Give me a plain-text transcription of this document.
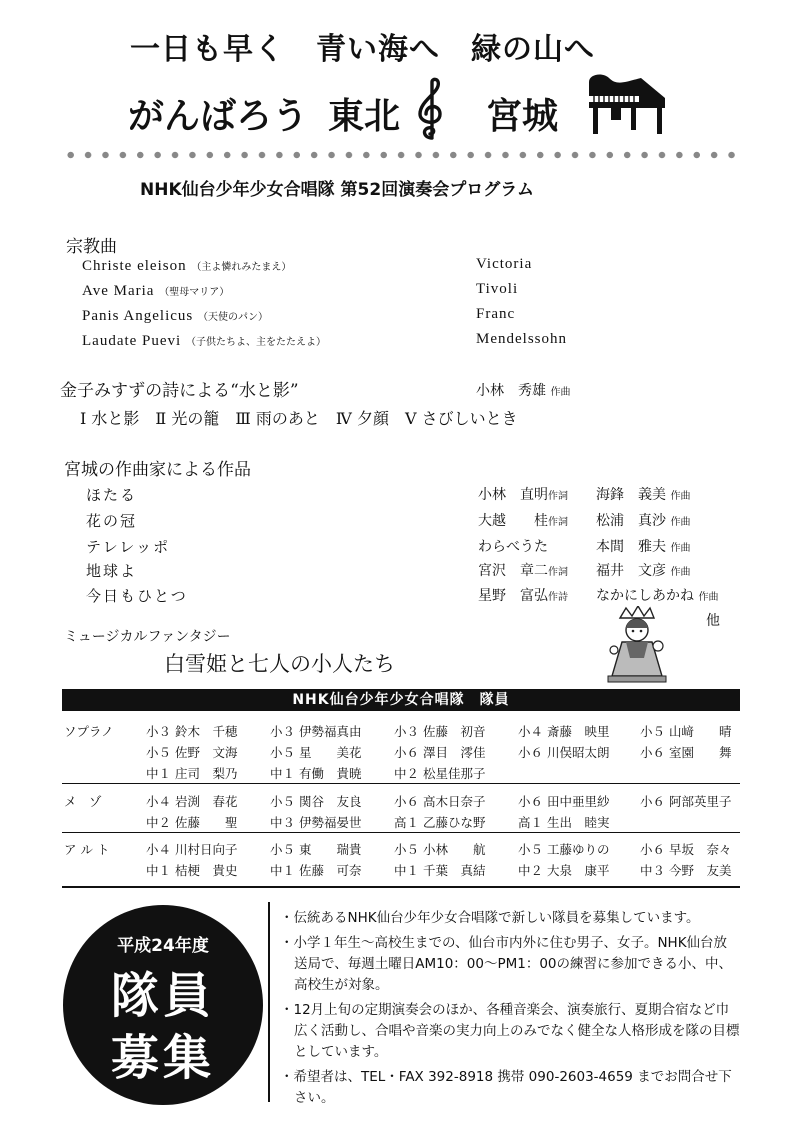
一日も早く　青い海へ　緑の山へ
がんばろう 東北 宮城
NHK仙台少年少女合唱隊 第52回演奏会プログラム
宗教曲
Christe eleison （主よ憐れみたまえ）	Victoria
Ave Maria （聖母マリア）	Tivoli
Panis Angelicus （天使のパン）	Franc
Laudate Puevi （子供たちよ、主をたたえよ）	Mendelssohn
金子みすずの詩による“水と影”	小林　秀雄 作曲
Ⅰ 水と影　Ⅱ 光の籠　Ⅲ 雨のあと　Ⅳ 夕顔　Ⅴ さびしいとき
宮城の作曲家による作品
ほたる	小林　直明作詞 海鋒　義美 作曲
花の冠	大越　　桂作詞 松浦　真沙 作曲
テレレッポ	わらべうた	本間　雅夫 作曲
地球よ	宮沢　章二作詞 福井　文彦 作曲
今日もひとつ	星野　富弘作詩 なかにしあかね 作曲
他
ミュージカルファンタジー
白雪姫と七人の小人たち
NHK仙台少年少女合唱隊　隊員
ソプラノ	小３ 鈴木　千穂	小３ 伊勢福真由	小３ 佐藤　初音	小４ 斎藤　映里 小５ 山﨑　　晴
小５ 佐野　文海	小５ 星　　美花	小６ 澤目　澪佳	小６ 川俣昭太朗 小６ 室園　　舞
中１ 庄司　梨乃	中１ 有働　貴暁	中２ 松星佳那子
メ　ゾ	小４ 岩渕　春花	小５ 関谷　友良	小６ 高木日奈子	小６ 田中亜里紗 小６ 阿部英里子
中２ 佐藤　　聖	中３ 伊勢福晏世	高１ 乙藤ひな野	高１ 生出　睦実
ア ル ト	小４ 川村日向子	小５ 東　　瑞貴	小５ 小林　　航	小５ 工藤ゆりの 小６ 早坂　奈々
中１ 桔梗　貴史	中１ 佐藤　可奈	中１ 千葉　真結	中２ 大泉　康平 中３ 今野　友美
平成24年度
隊員
募集

・伝統あるNHK仙台少年少女合唱隊で新しい隊員を募集しています。

・小学１年生～高校生までの、仙台市内外に住む男子、女子。NHK仙台放送局で、毎週土曜日AM10：00～PM1：00の練習に参加できる小、中、高校生が対象。

・12月上旬の定期演奏会のほか、各種音楽会、演奏旅行、夏期合宿など巾広く活動し、合唱や音楽の実力向上のみでなく健全な人格形成を隊の目標としています。

・希望者は、TEL・FAX 392-8918 携帯 090-2603-4659 までお問合せ下さい。
